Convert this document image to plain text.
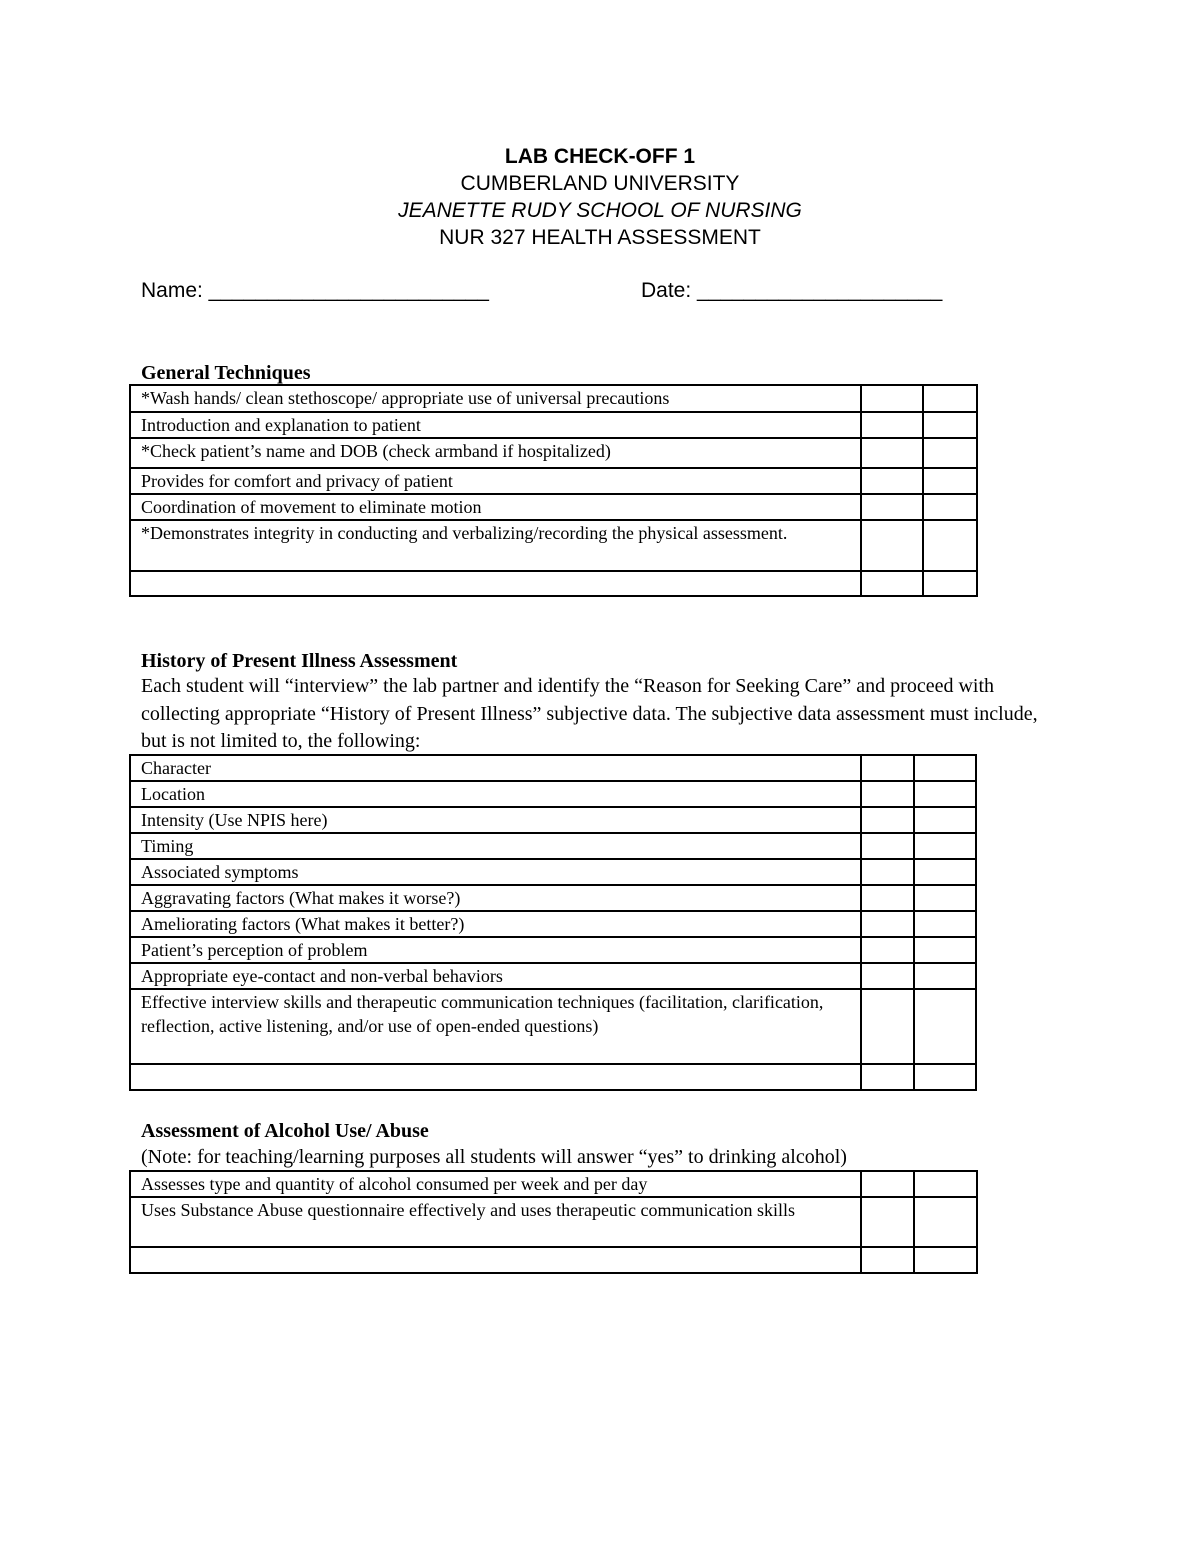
LAB CHECK-OFF 1
CUMBERLAND UNIVERSITY
JEANETTE RUDY SCHOOL OF NURSING
NUR 327 HEALTH ASSESSMENT
Name: ________________________	Date: _____________________
General Techniques
*Wash hands/ clean stethoscope/ appropriate use of universal precautions		
Introduction and explanation to patient		
*Check patient’s name and DOB (check armband if hospitalized)		
Provides for comfort and privacy of patient		
Coordination of movement to eliminate motion		
*Demonstrates integrity in conducting and verbalizing/recording the physical assessment.		

History of Present Illness Assessment
Each student will “interview” the lab partner and identify the “Reason for Seeking Care” and proceed with collecting appropriate “History of Present Illness” subjective data. The subjective data assessment must include, but is not limited to, the following:
Character		
Location		
Intensity (Use NPIS here)		
Timing		
Associated symptoms		
Aggravating factors (What makes it worse?)		
Ameliorating factors (What makes it better?)		
Patient’s perception of problem		
Appropriate eye-contact and non-verbal behaviors		
Effective interview skills and therapeutic communication techniques (facilitation, clarification, reflection, active listening, and/or use of open-ended questions)		

Assessment of Alcohol Use/ Abuse
(Note: for teaching/learning purposes all students will answer “yes” to drinking alcohol)
Assesses type and quantity of alcohol consumed per week and per day		
Uses Substance Abuse questionnaire effectively and uses therapeutic communication skills		
